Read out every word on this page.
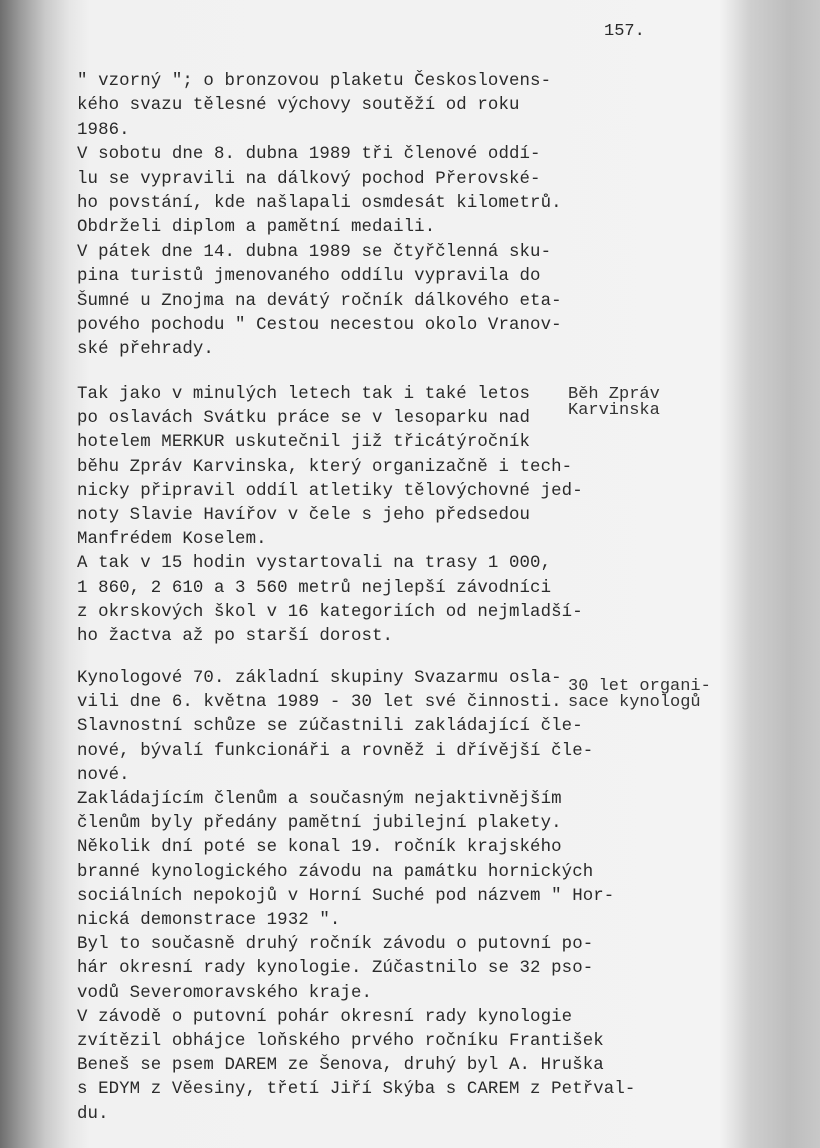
157.
" vzorný "; o bronzovou plaketu Českoslovens-
kého svazu tělesné výchovy soutěží od roku
1986.
V sobotu dne 8. dubna 1989 tři členové oddí-
lu se vypravili na dálkový pochod Přerovské-
ho povstání, kde našlapali osmdesát kilometrů.
Obdrželi diplom a pamětní medaili.
V pátek dne 14. dubna 1989 se čtyřčlenná sku-
pina turistů jmenovaného oddílu vypravila do
Šumné u Znojma na devátý ročník dálkového eta-
pového pochodu " Cestou necestou okolo Vranov-
ské přehrady.
Tak jako v minulých letech tak i také letos
po oslavách Svátku práce se v lesoparku nad
hotelem MERKUR uskutečnil již třicátýročník
běhu Zpráv Karvinska, který organizačně i tech-
nicky připravil oddíl atletiky tělovýchovné jed-
noty Slavie Havířov v čele s jeho předsedou
Manfrédem Koselem.
A tak v 15 hodin vystartovali na trasy 1 000,
1 860, 2 610 a 3 560 metrů nejlepší závodníci
z okrskových škol v 16 kategoriích od nejmladší-
ho žactva až po starší dorost.
Běh Zpráv
Karvinska
Kynologové 70. základní skupiny Svazarmu osla-
vili dne 6. května 1989 - 30 let své činnosti.
Slavnostní schůze se zúčastnili zakládající čle-
nové, bývalí funkcionáři a rovněž i dřívější čle-
nové.
Zakládajícím členům a současným nejaktivnějším
členům byly předány pamětní jubilejní plakety.
Několik dní poté se konal 19. ročník krajského
branné kynologického závodu na památku hornických
sociálních nepokojů v Horní Suché pod názvem " Hor-
nická demonstrace 1932 ".
Byl to současně druhý ročník závodu o putovní po-
hár okresní rady kynologie. Zúčastnilo se 32 pso-
vodů Severomoravského kraje.
V závodě o putovní pohár okresní rady kynologie
zvítězil obhájce loňského prvého ročníku František
Beneš se psem DAREM ze Šenova, druhý byl A. Hruška
s EDYM z Věesiny, třetí Jiří Skýba s CAREM z Petřval-
du.
30 let organi-
sace kynologů
